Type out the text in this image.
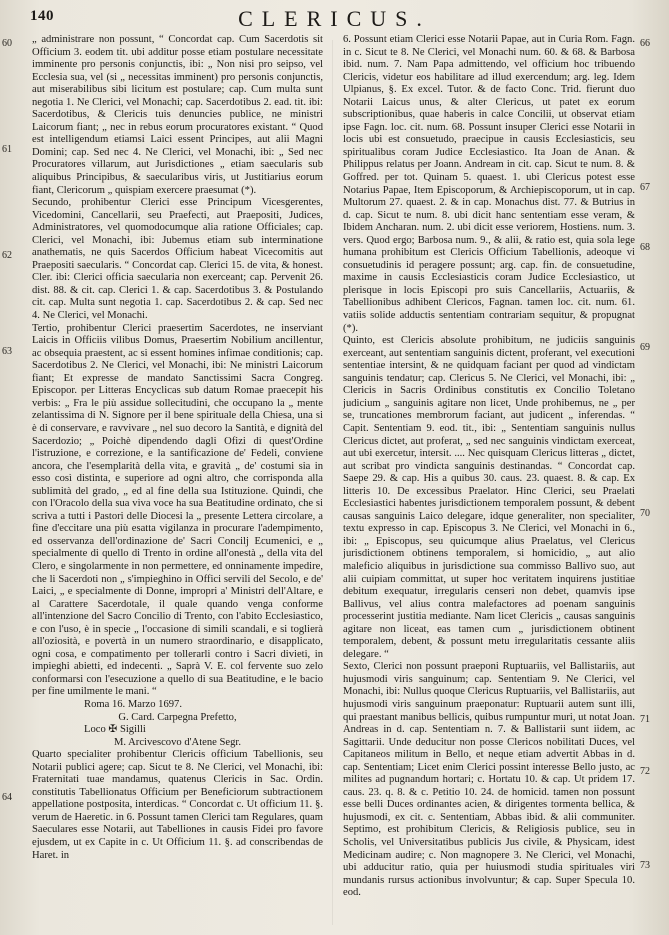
140	CLERICUS.
60
61
62
63
64
66
67
68
69
70
71
72
73

„ administrare non possunt, “ Concordat cap. Cum Sacerdotis sit Officium 3. eodem tit. ubi additur posse etiam postulare necessitate imminente pro personis conjunctis, ibi: „ Non nisi pro seipso, vel Ecclesia sua, vel (si „ necessitas imminent) pro personis conjunctis, aut miserabilibus sibi licitum est postulare; cap. Cum multa sunt negotia 1. Ne Clerici, vel Monachi; cap. Sacerdotibus 2. ead. tit. ibi: Sacerdotibus, & Clericis tuis denuncies publice, ne ministri Laicorum fiant; „ nec in rebus eorum procuratores existant. “ Quod est intelligendum etiamsi Laici essent Principes, aut alii Magni Domini; cap. Sed nec 4. Ne Clerici, vel Monachi, ibi: „ Sed nec Procuratores villarum, aut Jurisdictiones „ etiam saecularis sub aliquibus Principibus, & saecularibus viris, ut Justitiarius eorum fiant, Clericorum „ quispiam exercere praesumat (*).

Secundo, prohibentur Clerici esse Principum Vicesgerentes, Vicedomini, Cancellarii, seu Praefecti, aut Praepositi, Judices, Administratores, vel quomodocumque alia ratione Officiales; cap. Clerici, vel Monachi, ibi: Jubemus etiam sub interminatione anathematis, ne quis Sacerdos Officium habeat Vicecomitis aut Praepositi saecularis. “ Concordat cap. Clerici 15. de vita, & honest. Cler. ibi: Clerici officia saecularia non exerceant; cap. Pervenit 26. dist. 88. & cit. cap. Clerici 1. & cap. Sacerdotibus 3. & Postulando cit. cap. Multa sunt negotia 1. cap. Sacerdotibus 2. & cap. Sed nec 4. Ne Clerici, vel Monachi.

Tertio, prohibentur Clerici praesertim Sacerdotes, ne inserviant Laicis in Officiis vilibus Domus, Praesertim Nobilium ancillentur, ac obsequia praestent, ac si essent homines infimae conditionis; cap. Sacerdotibus 2. Ne Clerici, vel Monachi, ibi: Ne ministri Laicorum fiant; Et expresse de mandato Sanctissimi Sacra Congreg. Episcopor. per Litteras Encyclicas sub datum Romae praecepit his verbis: „ Fra le più assidue sollecitudini, che occupano la „ mente zelantissima di N. Signore per il bene spirituale della Chiesa, una si è di conservare, e ravvivare „ nel suo decoro la Santità, e dignità del Sacerdozio; „ Poichè dipendendo dagli Ofizi di quest'Ordine l'istruzione, e correzione, e la santificazione de' Fedeli, conviene ancora, che l'esemplarità della vita, e gravità „ de' costumi sia in esso così distinta, e superiore ad ogni altro, che corrisponda alla sublimità del grado, „ ed al fine della sua Istituzione. Quindi, che con l'Oracolo della sua viva voce ha sua Beatitudine ordinato, che si scriva a tutti i Pastori delle Diocesi la „ presente Lettera circolare, a fine d'eccitare una più esatta vigilanza in procurare l'adempimento, ed osservanza dell'ordinazione de' Sacri Concilj Ecumenici, e „ specialmente di quello di Trento in ordine all'onestà „ della vita del Clero, e singolarmente in non permettere, ed onninamente impedire, che li Sacerdoti non „ s'impieghino in Offici servili del Secolo, e de' Laici, „ e specialmente di Donne, impropri a' Ministri dell'Altare, e al Carattere Sacerdotale, il quale quando venga conforme all'intenzione del Sacro Concilio di Trento, con l'abito Ecclesiastico, e con l'uso, è in specie „ l'occasione di simili scandali, e si toglierà all'oziosità, e povertà in un numero straordinario, e disapplicato, ogni cosa, e compatimento per tollerarli contro i Sacri divieti, in impieghi abietti, ed indecenti. „ Saprà V. E. col fervente suo zelo conformarsi con l'esecuzione a quello di sua Beatitudine, e le bacio per fine umilmente le mani. “

Roma 16. Marzo 1697.

G. Card. Carpegna Prefetto,

Loco ✠ Sigilli

M. Arcivescovo d'Atene Segr.

Quarto specialiter prohibentur Clericis officium Tabellionis, seu Notarii publici agere; cap. Sicut te 8. Ne Clerici, vel Monachi, ibi: Fraternitati tuae mandamus, quatenus Clericis in Sac. Ordin. constitutis Tabellionatus Officium per Beneficiorum subtractionem appellatione postposita, interdicas. “ Concordat c. Ut officium 11. §. verum de Haeretic. in 6. Possunt tamen Clerici tam Regulares, quam Saeculares esse Notarii, aut Tabelliones in causis Fidei pro favore ejusdem, ut ex Capite in c. Ut Officium 11. §. ad conscribendas de Haret. in

6. Possunt etiam Clerici esse Notarii Papae, aut in Curia Rom. Fagn. in c. Sicut te 8. Ne Clerici, vel Monachi num. 60. & 68. & Barbosa ibid. num. 7. Nam Papa admittendo, vel officium hoc tribuendo Clericis, videtur eos habilitare ad illud exercendum; arg. leg. Idem Ulpianus, §. Ex excel. Tutor. & de facto Conc. Trid. fierunt duo Notarii Laicus unus, & alter Clericus, ut patet ex eorum subscriptionibus, quae haberis in calce Concilii, ut observat etiam ipse Fagn. loc. cit. num. 68. Possunt insuper Clerici esse Notarii in locis ubi est consuetudo, praecipue in causis Ecclesiasticis, seu spiritualibus coram Judice Ecclesiastico. Ita Joan de Anan. & Philippus relatus per Joann. Andream in cit. cap. Sicut te num. 8. & Goffred. per tot. Quinam 5. quaest. 1. ubi Clericus potest esse Notarius Papae, Item Episcoporum, & Archiepiscoporum, ut in cap. Multorum 27. quaest. 2. & in cap. Monachus dist. 77. & Butrius in d. cap. Sicut te num. 8. ubi dicit hanc sententiam esse veram, & Ibidem Ancharan. num. 2. ubi dicit esse veriorem, Hostiens. num. 3. vers. Quod ergo; Barbosa num. 9., & alii, & ratio est, quia sola lege humana prohibitum est Clericis Officium Tabellionis, adeoque vi consuetudinis id peragere possunt; arg. cap. fin. de consuetudine, maxime in causis Ecclesiasticis coram Judice Ecclesiastico, ut plerisque in locis Episcopi pro suis Cancellariis, Actuariis, & Tabellionibus adhibent Clericos, Fagnan. tamen loc. cit. num. 61. vatiis solide adductis sententiam contrariam sequitur, & propugnat (*).

Quinto, est Clericis absolute prohibitum, ne judiciis sanguinis exerceant, aut sententiam sanguinis dictent, proferant, vel executioni sententiae intersint, & ne quidquam faciant per quod ad vindictam sanguinis tendatur; cap. Clericus 5. Ne Clerici, vel Monachi, ibi: „ Clericis in Sacris Ordinibus constitutis ex Concilio Toletano judicium „ sanguinis agitare non licet, Unde prohibemus, ne „ per se, truncationes membrorum faciant, aut judicent „ inferendas. “ Capit. Sententiam 9. eod. tit., ibi: „ Sententiam sanguinis nullus Clericus dictet, aut proferat, „ sed nec sanguinis vindictam exerceat, aut ubi exercetur, intersit. .... Nec quisquam Clericus litteras „ dictet, aut scribat pro vindicta sanguinis destinandas. “ Concordat cap. Saepe 29. & cap. His a quibus 30. caus. 23. quaest. 8. & cap. Ex litteris 10. De excessibus Praelator. Hinc Clerici, seu Praelati Ecclesiastici habentes jurisdictionem temporalem possunt, & debent causas sanguinis Laico delegare, idque generaliter, non specialiter, textu expresso in cap. Episcopus 3. Ne Clerici, vel Monachi in 6., ibi: „ Episcopus, seu quicumque alius Praelatus, vel Clericus jurisdictionem obtinens temporalem, si homicidio, „ aut alio maleficio aliquibus in jurisdictione sua commisso Ballivo suo, aut alii cuipiam committat, ut super hoc veritatem inquirens justitiae debitum exequatur, irregularis censeri non debet, quamvis ipse Ballivus, vel alius contra malefactores ad poenam sanguinis processerint justitia mediante. Nam licet Clericis „ causas sanguinis agitare non liceat, eas tamen cum „ jurisdictionem obtinent temporalem, debent, & possunt metu irregularitatis cessante aliis delegare. “

Sexto, Clerici non possunt praeponi Ruptuariis, vel Ballistariis, aut hujusmodi viris sanguinum; cap. Sententiam 9. Ne Clerici, vel Monachi, ibi: Nullus quoque Clericus Ruptuariis, vel Ballistariis, aut hujusmodi viris sanguinum praeponatur: Ruptuarii autem sunt illi, qui praestant manibus bellicis, quibus rumpuntur muri, ut notat Joan. Andreas in d. cap. Sententiam n. 7. & Ballistarii sunt iidem, ac Sagittarii. Unde deducitur non posse Clericos nobilitati Duces, vel Capitaneos militum in Bello, et neque etiam advertit Abbas in d. cap. Sententiam; Licet enim Clerici possint interesse Bello justo, ac milites ad pugnandum hortari; c. Hortatu 10. & cap. Ut pridem 17. caus. 23. q. 8. & c. Petitio 10. 24. de homicid. tamen non possunt esse belli Duces ordinantes acien, & dirigentes tormenta bellica, & hujusmodi, ex cit. c. Sententiam, Abbas ibid. & alii communiter. Septimo, est prohibitum Clericis, & Religiosis publice, seu in Scholis, vel Universitatibus publicis Jus civile, & Physicam, idest Medicinam audire; c. Non magnopere 3. Ne Clerici, vel Monachi, ubi adducitur ratio, quia per huiusmodi studia spirituales viri mundanis rursus actionibus involvuntur; & cap. Super Specula 10. eod.
